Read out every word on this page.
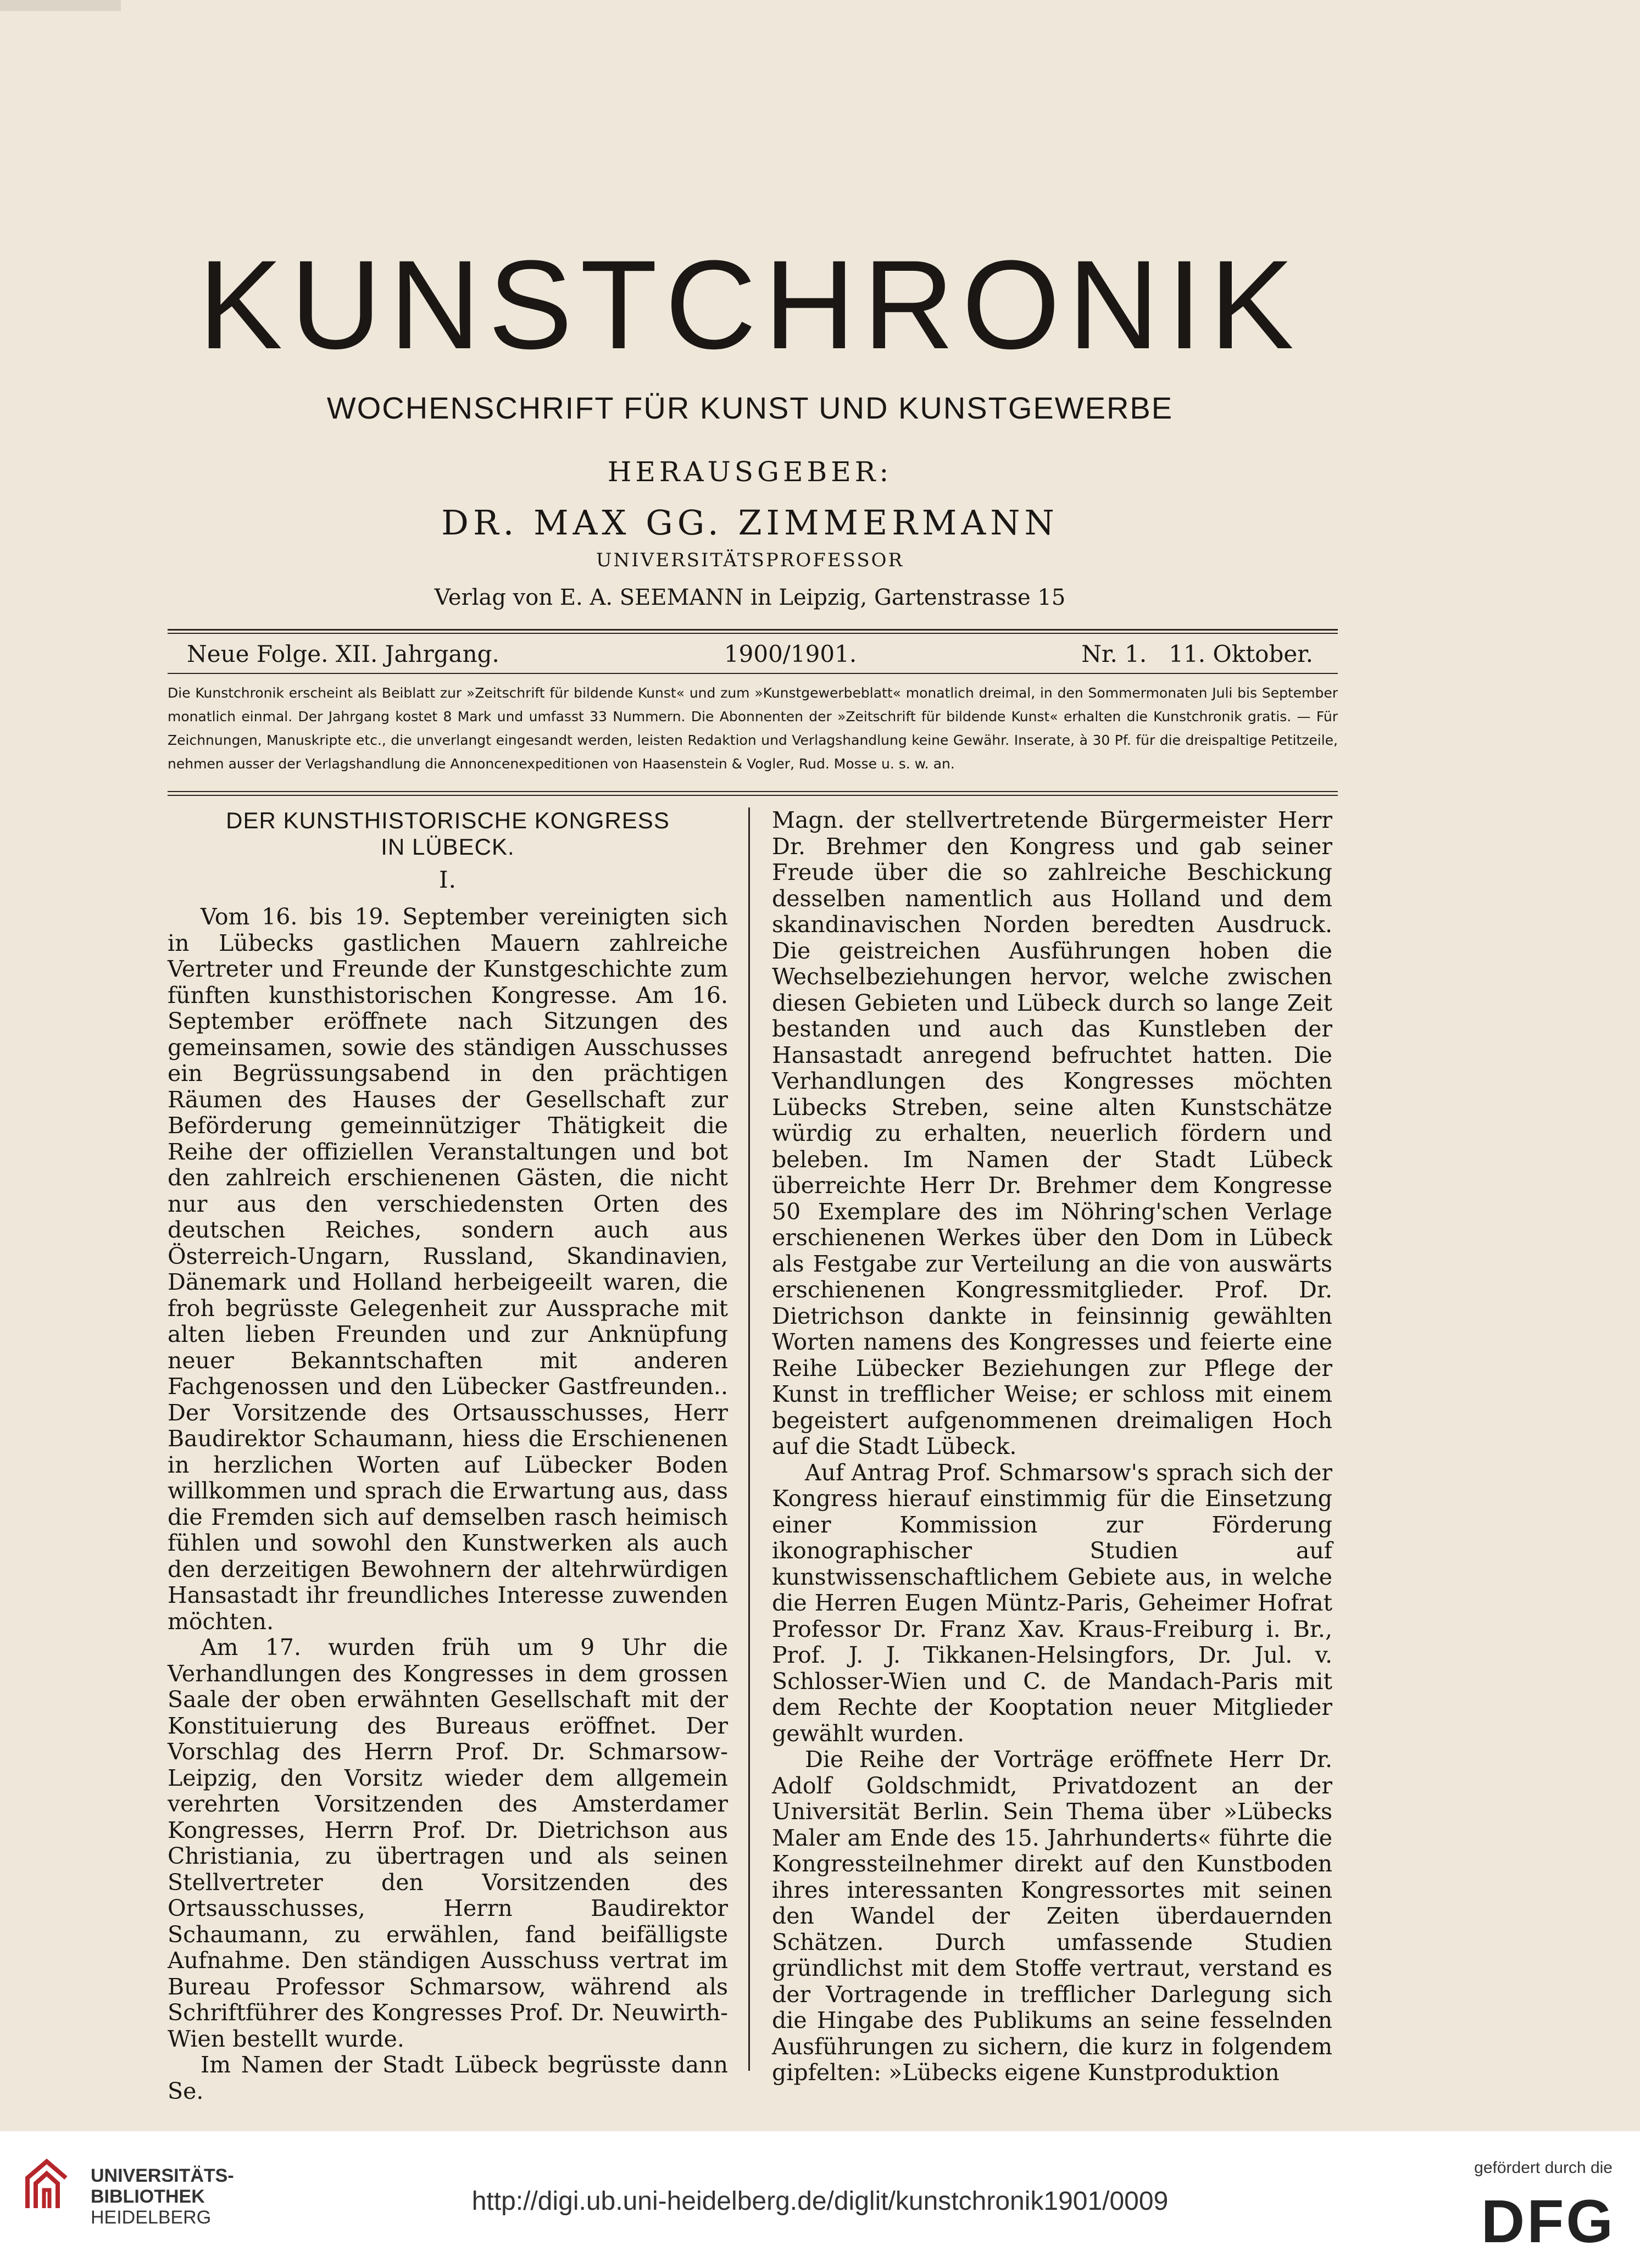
KUNSTCHRONIK
WOCHENSCHRIFT FÜR KUNST UND KUNSTGEWERBE
HERAUSGEBER:
DR. MAX GG. ZIMMERMANN
UNIVERSITÄTSPROFESSOR
Verlag von E. A. SEEMANN in Leipzig, Gartenstrasse 15
Neue Folge. XII. Jahrgang.	1900/1901.	Nr. 1. 11. Oktober.
Die Kunstchronik erscheint als Beiblatt zur »Zeitschrift für bildende Kunst« und zum »Kunstgewerbeblatt« monatlich dreimal, in den Sommermonaten Juli bis September monatlich einmal. Der Jahrgang kostet 8 Mark und umfasst 33 Nummern. Die Abonnenten der »Zeitschrift für bildende Kunst« erhalten die Kunstchronik gratis. — Für Zeichnungen, Manuskripte etc., die unverlangt eingesandt werden, leisten Redaktion und Verlagshandlung keine Gewähr. Inserate, à 30 Pf. für die dreispaltige Petitzeile, nehmen ausser der Verlagshandlung die Annoncenexpeditionen von Haasenstein & Vogler, Rud. Mosse u. s. w. an.
DER KUNSTHISTORISCHE KONGRESS
IN LÜBECK.
I.

Vom 16. bis 19. September vereinigten sich in Lübecks gastlichen Mauern zahlreiche Vertreter und Freunde der Kunstgeschichte zum fünften kunsthistorischen Kongresse. Am 16. September eröffnete nach Sitzungen des gemeinsamen, sowie des ständigen Ausschusses ein Begrüssungsabend in den prächtigen Räumen des Hauses der Gesellschaft zur Beförderung gemeinnütziger Thätigkeit die Reihe der offiziellen Veranstaltungen und bot den zahlreich erschienenen Gästen, die nicht nur aus den verschiedensten Orten des deutschen Reiches, sondern auch aus Österreich-Ungarn, Russland, Skandinavien, Dänemark und Holland herbeigeeilt waren, die froh begrüsste Gelegenheit zur Aussprache mit alten lieben Freunden und zur Anknüpfung neuer Bekanntschaften mit anderen Fachgenossen und den Lübecker Gastfreunden.. Der Vorsitzende des Ortsausschusses, Herr Baudirektor Schaumann, hiess die Erschienenen in herzlichen Worten auf Lübecker Boden willkommen und sprach die Erwartung aus, dass die Fremden sich auf demselben rasch heimisch fühlen und sowohl den Kunstwerken als auch den derzeitigen Bewohnern der altehrwürdigen Hansastadt ihr freundliches Interesse zuwenden möchten.

Am 17. wurden früh um 9 Uhr die Verhandlungen des Kongresses in dem grossen Saale der oben erwähnten Gesellschaft mit der Konstituierung des Bureaus eröffnet. Der Vorschlag des Herrn Prof. Dr. Schmarsow-Leipzig, den Vorsitz wieder dem allgemein verehrten Vorsitzenden des Amsterdamer Kongresses, Herrn Prof. Dr. Dietrichson aus Christiania, zu übertragen und als seinen Stellvertreter den Vorsitzenden des Ortsausschusses, Herrn Baudirektor Schaumann, zu erwählen, fand beifälligste Aufnahme. Den ständigen Ausschuss vertrat im Bureau Professor Schmarsow, während als Schriftführer des Kongresses Prof. Dr. Neuwirth-Wien bestellt wurde.

Im Namen der Stadt Lübeck begrüsste dann Se.

Magn. der stellvertretende Bürgermeister Herr Dr. Brehmer den Kongress und gab seiner Freude über die so zahlreiche Beschickung desselben namentlich aus Holland und dem skandinavischen Norden beredten Ausdruck. Die geistreichen Ausführungen hoben die Wechselbeziehungen hervor, welche zwischen diesen Gebieten und Lübeck durch so lange Zeit bestanden und auch das Kunstleben der Hansastadt anregend befruchtet hatten. Die Verhandlungen des Kongresses möchten Lübecks Streben, seine alten Kunstschätze würdig zu erhalten, neuerlich fördern und beleben. Im Namen der Stadt Lübeck überreichte Herr Dr. Brehmer dem Kongresse 50 Exemplare des im Nöhring'schen Verlage erschienenen Werkes über den Dom in Lübeck als Festgabe zur Verteilung an die von auswärts erschienenen Kongressmitglieder. Prof. Dr. Dietrichson dankte in feinsinnig gewählten Worten namens des Kongresses und feierte eine Reihe Lübecker Beziehungen zur Pflege der Kunst in trefflicher Weise; er schloss mit einem begeistert aufgenommenen dreimaligen Hoch auf die Stadt Lübeck.

Auf Antrag Prof. Schmarsow's sprach sich der Kongress hierauf einstimmig für die Einsetzung einer Kommission zur Förderung ikonographischer Studien auf kunstwissenschaftlichem Gebiete aus, in welche die Herren Eugen Müntz-Paris, Geheimer Hofrat Professor Dr. Franz Xav. Kraus-Freiburg i. Br., Prof. J. J. Tikkanen-Helsingfors, Dr. Jul. v. Schlosser-Wien und C. de Mandach-Paris mit dem Rechte der Kooptation neuer Mitglieder gewählt wurden.

Die Reihe der Vorträge eröffnete Herr Dr. Adolf Goldschmidt, Privatdozent an der Universität Berlin. Sein Thema über »Lübecks Maler am Ende des 15. Jahrhunderts« führte die Kongressteilnehmer direkt auf den Kunstboden ihres interessanten Kongressortes mit seinen den Wandel der Zeiten überdauernden Schätzen. Durch umfassende Studien gründlichst mit dem Stoffe vertraut, verstand es der Vortragende in trefflicher Darlegung sich die Hingabe des Publikums an seine fesselnden Ausführungen zu sichern, die kurz in folgendem gipfelten: »Lübecks eigene Kunstproduktion

UNIVERSITÄTS-
BIBLIOTHEK
HEIDELBERG
http://digi.ub.uni-heidelberg.de/diglit/kunstchronik1901/0009
gefördert durch die
DFG
